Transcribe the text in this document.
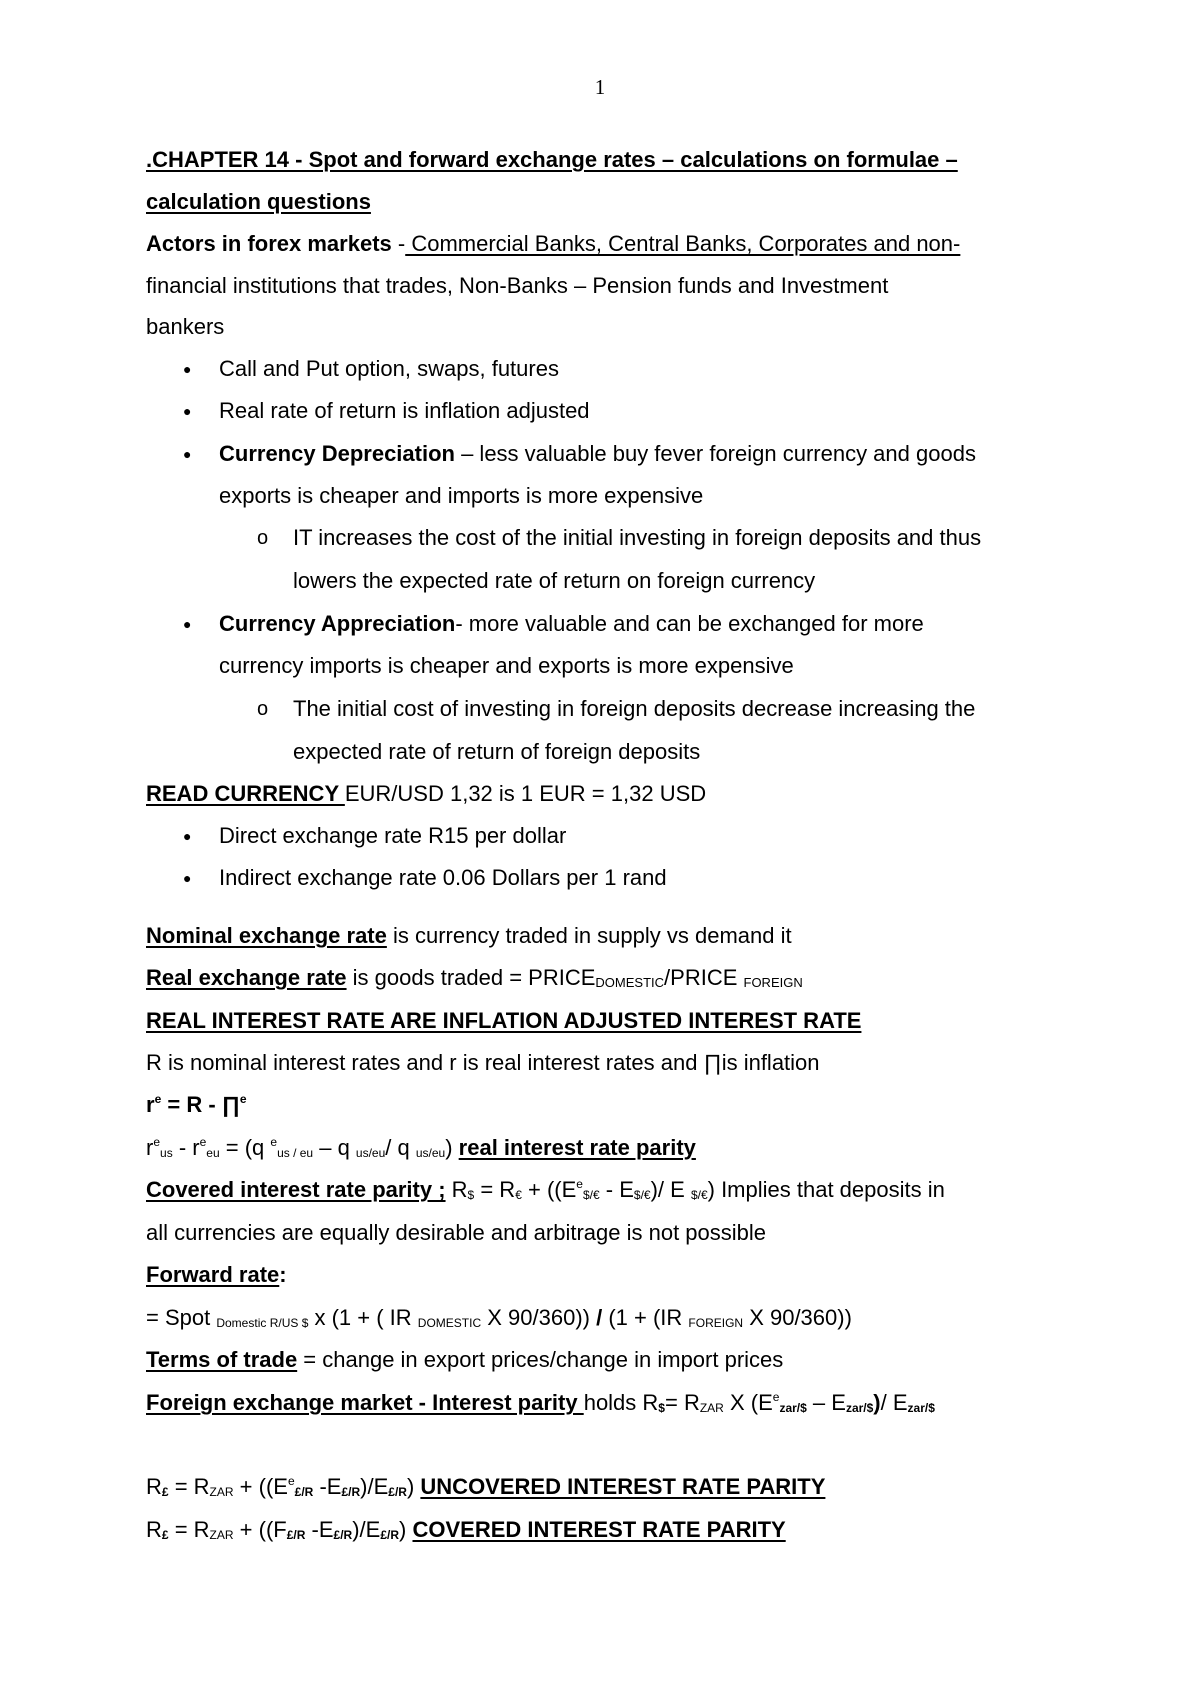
1
.CHAPTER 14 - Spot and forward exchange rates – calculations on formulae –
calculation questions
Actors in forex markets - Commercial Banks, Central Banks, Corporates and non-
financial institutions that trades, Non-Banks – Pension funds and Investment
bankers
● Call and Put option, swaps, futures
● Real rate of return is inflation adjusted
● Currency Depreciation – less valuable buy fever foreign currency and goods
exports is cheaper and imports is more expensive
o IT increases the cost of the initial investing in foreign deposits and thus
lowers the expected rate of return on foreign currency
● Currency Appreciation- more valuable and can be exchanged for more
currency imports is cheaper and exports is more expensive
o The initial cost of investing in foreign deposits decrease increasing the
expected rate of return of foreign deposits
READ CURRENCY EUR/USD 1,32 is 1 EUR = 1,32 USD
● Direct exchange rate R15 per dollar
● Indirect exchange rate 0.06 Dollars per 1 rand
Nominal exchange rate is currency traded in supply vs demand it
Real exchange rate is goods traded = $PRICE_{DOMESTIC}$/PRICE $_{FOREIGN}$
REAL INTEREST RATE ARE INFLATION ADJUSTED INTEREST RATE
R is nominal interest rates and r is real interest rates and ∏is inflation
$r^e = R$ - ∏$^e$
$r^e_{us} - r^e_{eu} = (q$ $^e_{us / eu}$ – q $_{us/eu}$/ q $_{us/eu}$) real interest rate parity
Covered interest rate parity ; $R_{\$} = R_€ + ((E^e_{\$/€} - E_{\$/€})/$ E $_{\$/€}$) Implies that deposits in
all currencies are equally desirable and arbitrage is not possible
Forward rate:
= Spot $_{Domestic R/US \$}$ x (1 + ( IR $_{DOMESTIC}$ X 90/360)) / (1 + (IR $_{FOREIGN}$ X 90/360))
Terms of trade = change in export prices/change in import prices
Foreign exchange market - Interest parity holds $R_{\$}= R_{ZAR}$ X $(E^e_{zar/\$} - E_{zar/\$})/$ $E_{zar/\$}$
$R_£ = R_{ZAR} + ((E^e_{£/R}$ $-E_{£/R})/E_{£/R}$) UNCOVERED INTEREST RATE PARITY
$R_£ = R_{ZAR} + ((F_{£/R}$ $-E_{£/R})/E_{£/R}$) COVERED INTEREST RATE PARITY
